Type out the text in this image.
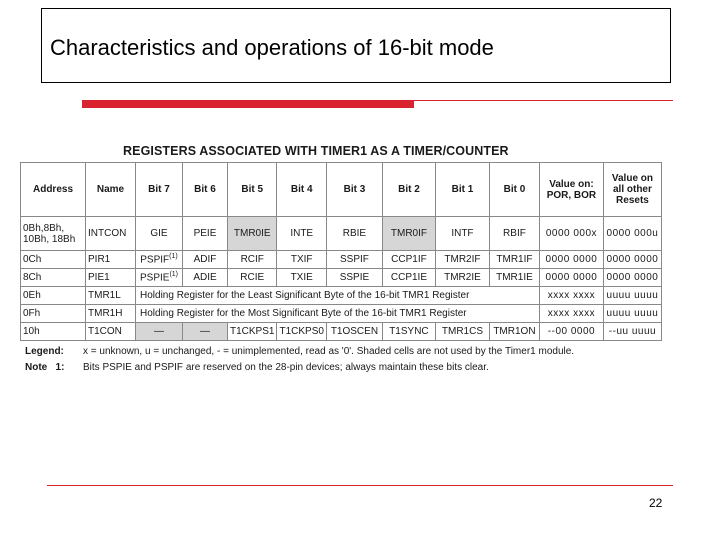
Characteristics and operations of 16-bit mode
REGISTERS ASSOCIATED WITH TIMER1 AS A TIMER/COUNTER
Address	Name	Bit 7	Bit 6	Bit 5	Bit 4	Bit 3	Bit 2	Bit 1	Bit 0	Value on: POR, BOR	Value on all other Resets
0Bh,8Bh, 10Bh, 18Bh	INTCON	GIE	PEIE	TMR0IE	INTE	RBIE	TMR0IF	INTF	RBIF	0000 000x	0000 000u
0Ch	PIR1	PSPIF$^{(1)}$	ADIF	RCIF	TXIF	SSPIF	CCP1IF	TMR2IF	TMR1IF	0000 0000	0000 0000
8Ch	PIE1	PSPIE$^{(1)}$	ADIE	RCIE	TXIE	SSPIE	CCP1IE	TMR2IE	TMR1IE	0000 0000	0000 0000
0Eh	TMR1L	Holding Register for the Least Significant Byte of the 16-bit TMR1 Register								xxxx xxxx	uuuu uuuu
0Fh	TMR1H	Holding Register for the Most Significant Byte of the 16-bit TMR1 Register								xxxx xxxx	uuuu uuuu
10h	T1CON	—	—	T1CKPS1	T1CKPS0	T1OSCEN	T1SYNC	TMR1CS	TMR1ON	--00 0000	--uu uuuu
Legend: x = unknown, u = unchanged, - = unimplemented, read as '0'. Shaded cells are not used by the Timer1 module.
Note   1: Bits PSPIE and PSPIF are reserved on the 28-pin devices; always maintain these bits clear.
22
